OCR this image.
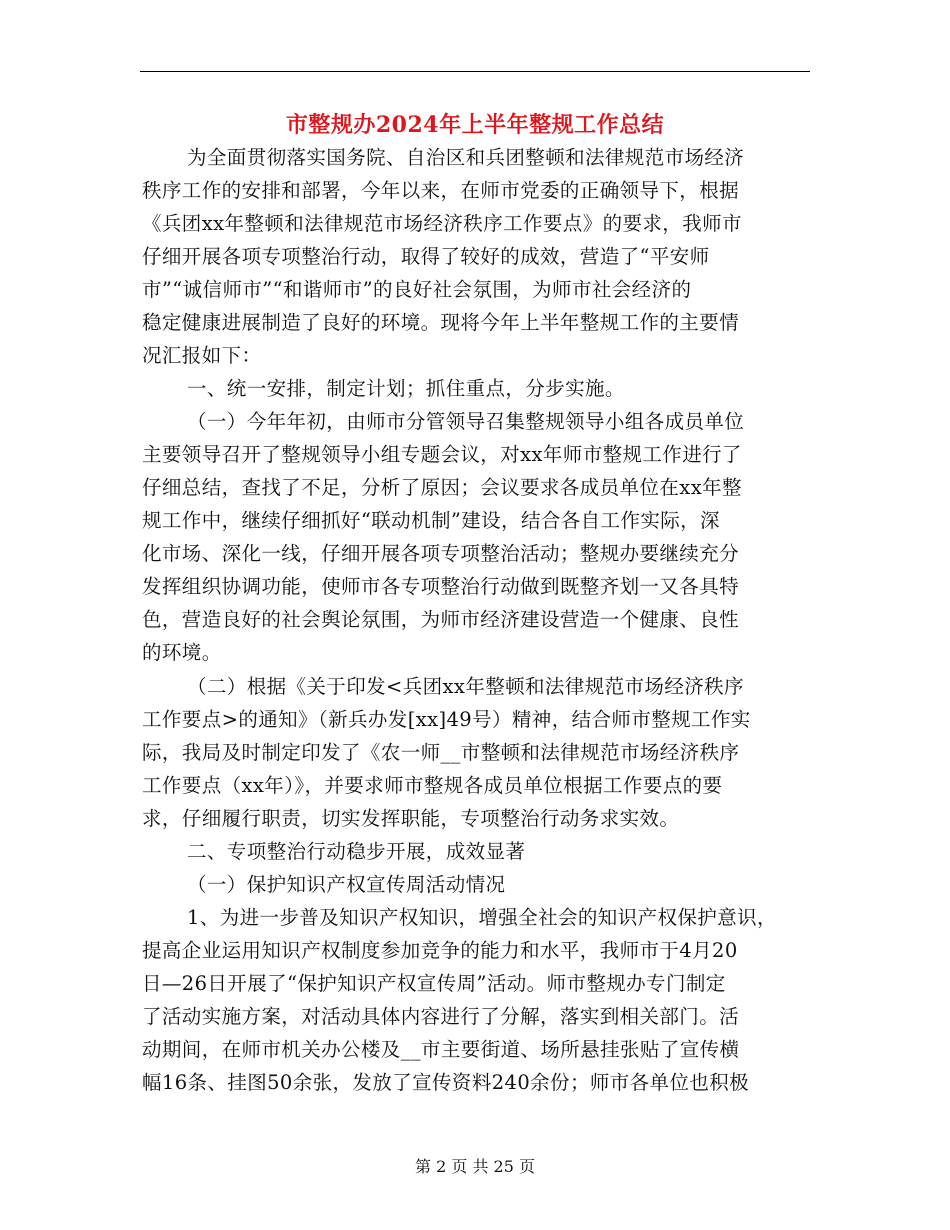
市整规办2024年上半年整规工作总结
为全面贯彻落实国务院、自治区和兵团整顿和法律规范市场经济
秩序工作的安排和部署，今年以来，在师市党委的正确领导下，根据
《兵团xx年整顿和法律规范市场经济秩序工作要点》的要求，我师市
仔细开展各项专项整治行动，取得了较好的成效，营造了“平安师
市”“诚信师市”“和谐师市”的良好社会氛围，为师市社会经济的
稳定健康进展制造了良好的环境。现将今年上半年整规工作的主要情
况汇报如下：
一、统一安排，制定计划；抓住重点，分步实施。
（一）今年年初，由师市分管领导召集整规领导小组各成员单位
主要领导召开了整规领导小组专题会议，对xx年师市整规工作进行了
仔细总结，查找了不足，分析了原因；会议要求各成员单位在xx年整
规工作中，继续仔细抓好“联动机制”建设，结合各自工作实际，深
化市场、深化一线，仔细开展各项专项整治活动；整规办要继续充分
发挥组织协调功能，使师市各专项整治行动做到既整齐划一又各具特
色，营造良好的社会舆论氛围，为师市经济建设营造一个健康、良性
的环境。
（二）根据《关于印发<兵团xx年整顿和法律规范市场经济秩序
工作要点>的通知》（新兵办发[xx]49号）精神，结合师市整规工作实
际，我局及时制定印发了《农一师__市整顿和法律规范市场经济秩序
工作要点（xx年）》，并要求师市整规各成员单位根据工作要点的要
求，仔细履行职责，切实发挥职能，专项整治行动务求实效。
二、专项整治行动稳步开展，成效显著
（一）保护知识产权宣传周活动情况
1、为进一步普及知识产权知识，增强全社会的知识产权保护意识，
提高企业运用知识产权制度参加竞争的能力和水平，我师市于4月20
日—26日开展了“保护知识产权宣传周”活动。师市整规办专门制定
了活动实施方案，对活动具体内容进行了分解，落实到相关部门。活
动期间，在师市机关办公楼及__市主要街道、场所悬挂张贴了宣传横
幅16条、挂图50余张，发放了宣传资料240余份；师市各单位也积极
第 2 页 共 25 页
